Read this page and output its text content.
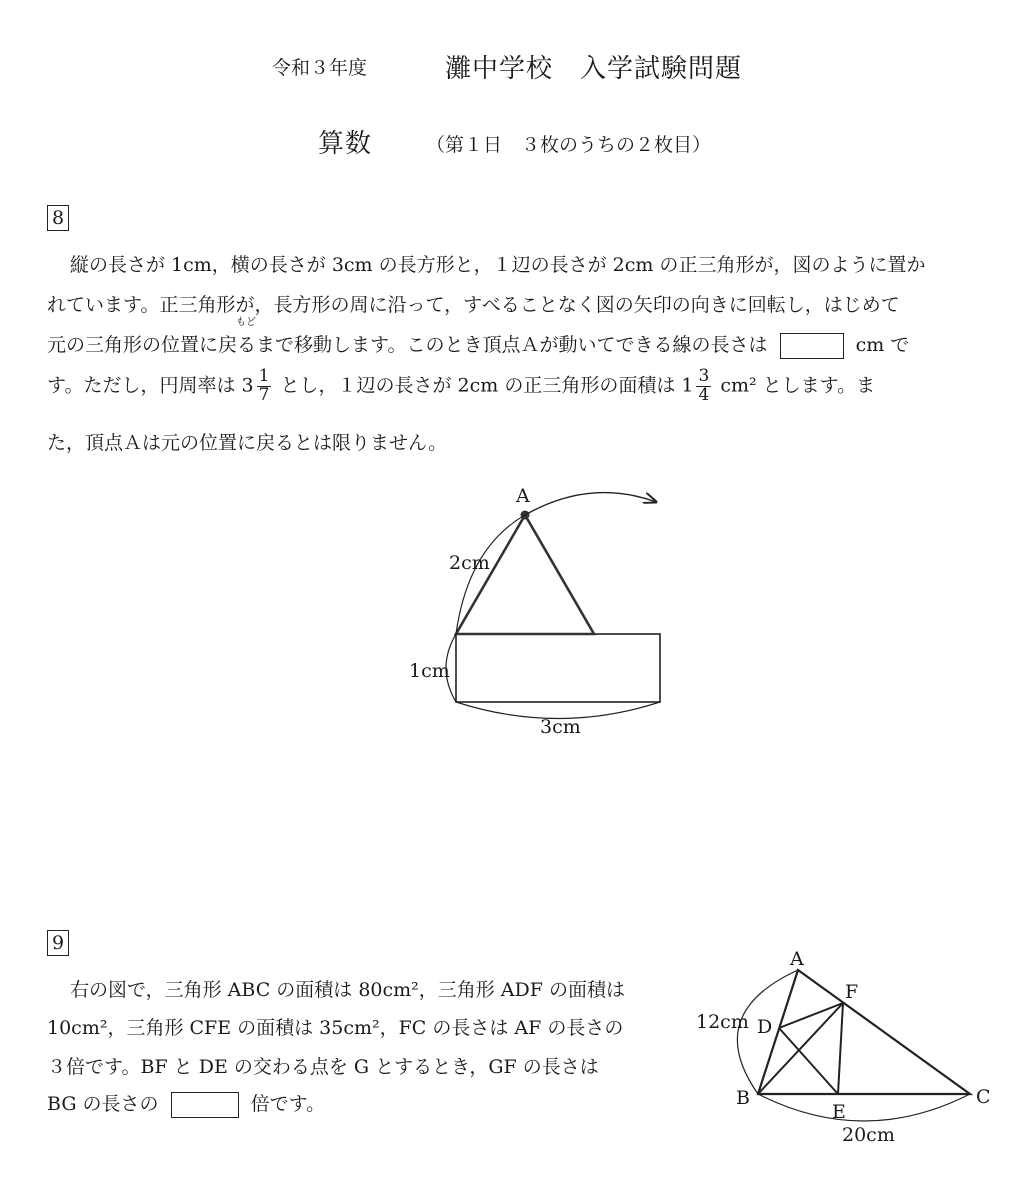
令和３年度	灘中学校　入学試験問題
算数	（第１日　３枚のうちの２枚目）
8
縦の長さが 1cm，横の長さが 3cm の長方形と，１辺の長さが 2cm の正三角形が，図のように置か
れています。正三角形が，長方形の周に沿って，すべることなく図の矢印の向きに回転し，はじめて
もど
元の三角形の位置に戻るまで移動します。このとき頂点Ａが動いてできる線の長さは	cm で
す。ただし，円周率は $3 \frac{1}{7}$ とし，１辺の長さが 2cm の正三角形の面積は $1 \frac{3}{4} cm^2$ とします。ま
た，頂点Ａは元の位置に戻るとは限りません。
A
2cm
1cm
3cm
9
右の図で，三角形 ABC の面積は 80cm²，三角形 ADF の面積は
10cm²，三角形 CFE の面積は 35cm²，FC の長さは AF の長さの
３倍です。BF と DE の交わる点を G とするとき，GF の長さは
BG の長さの	倍です。
A
F
D
B
E
C
12cm
20cm
